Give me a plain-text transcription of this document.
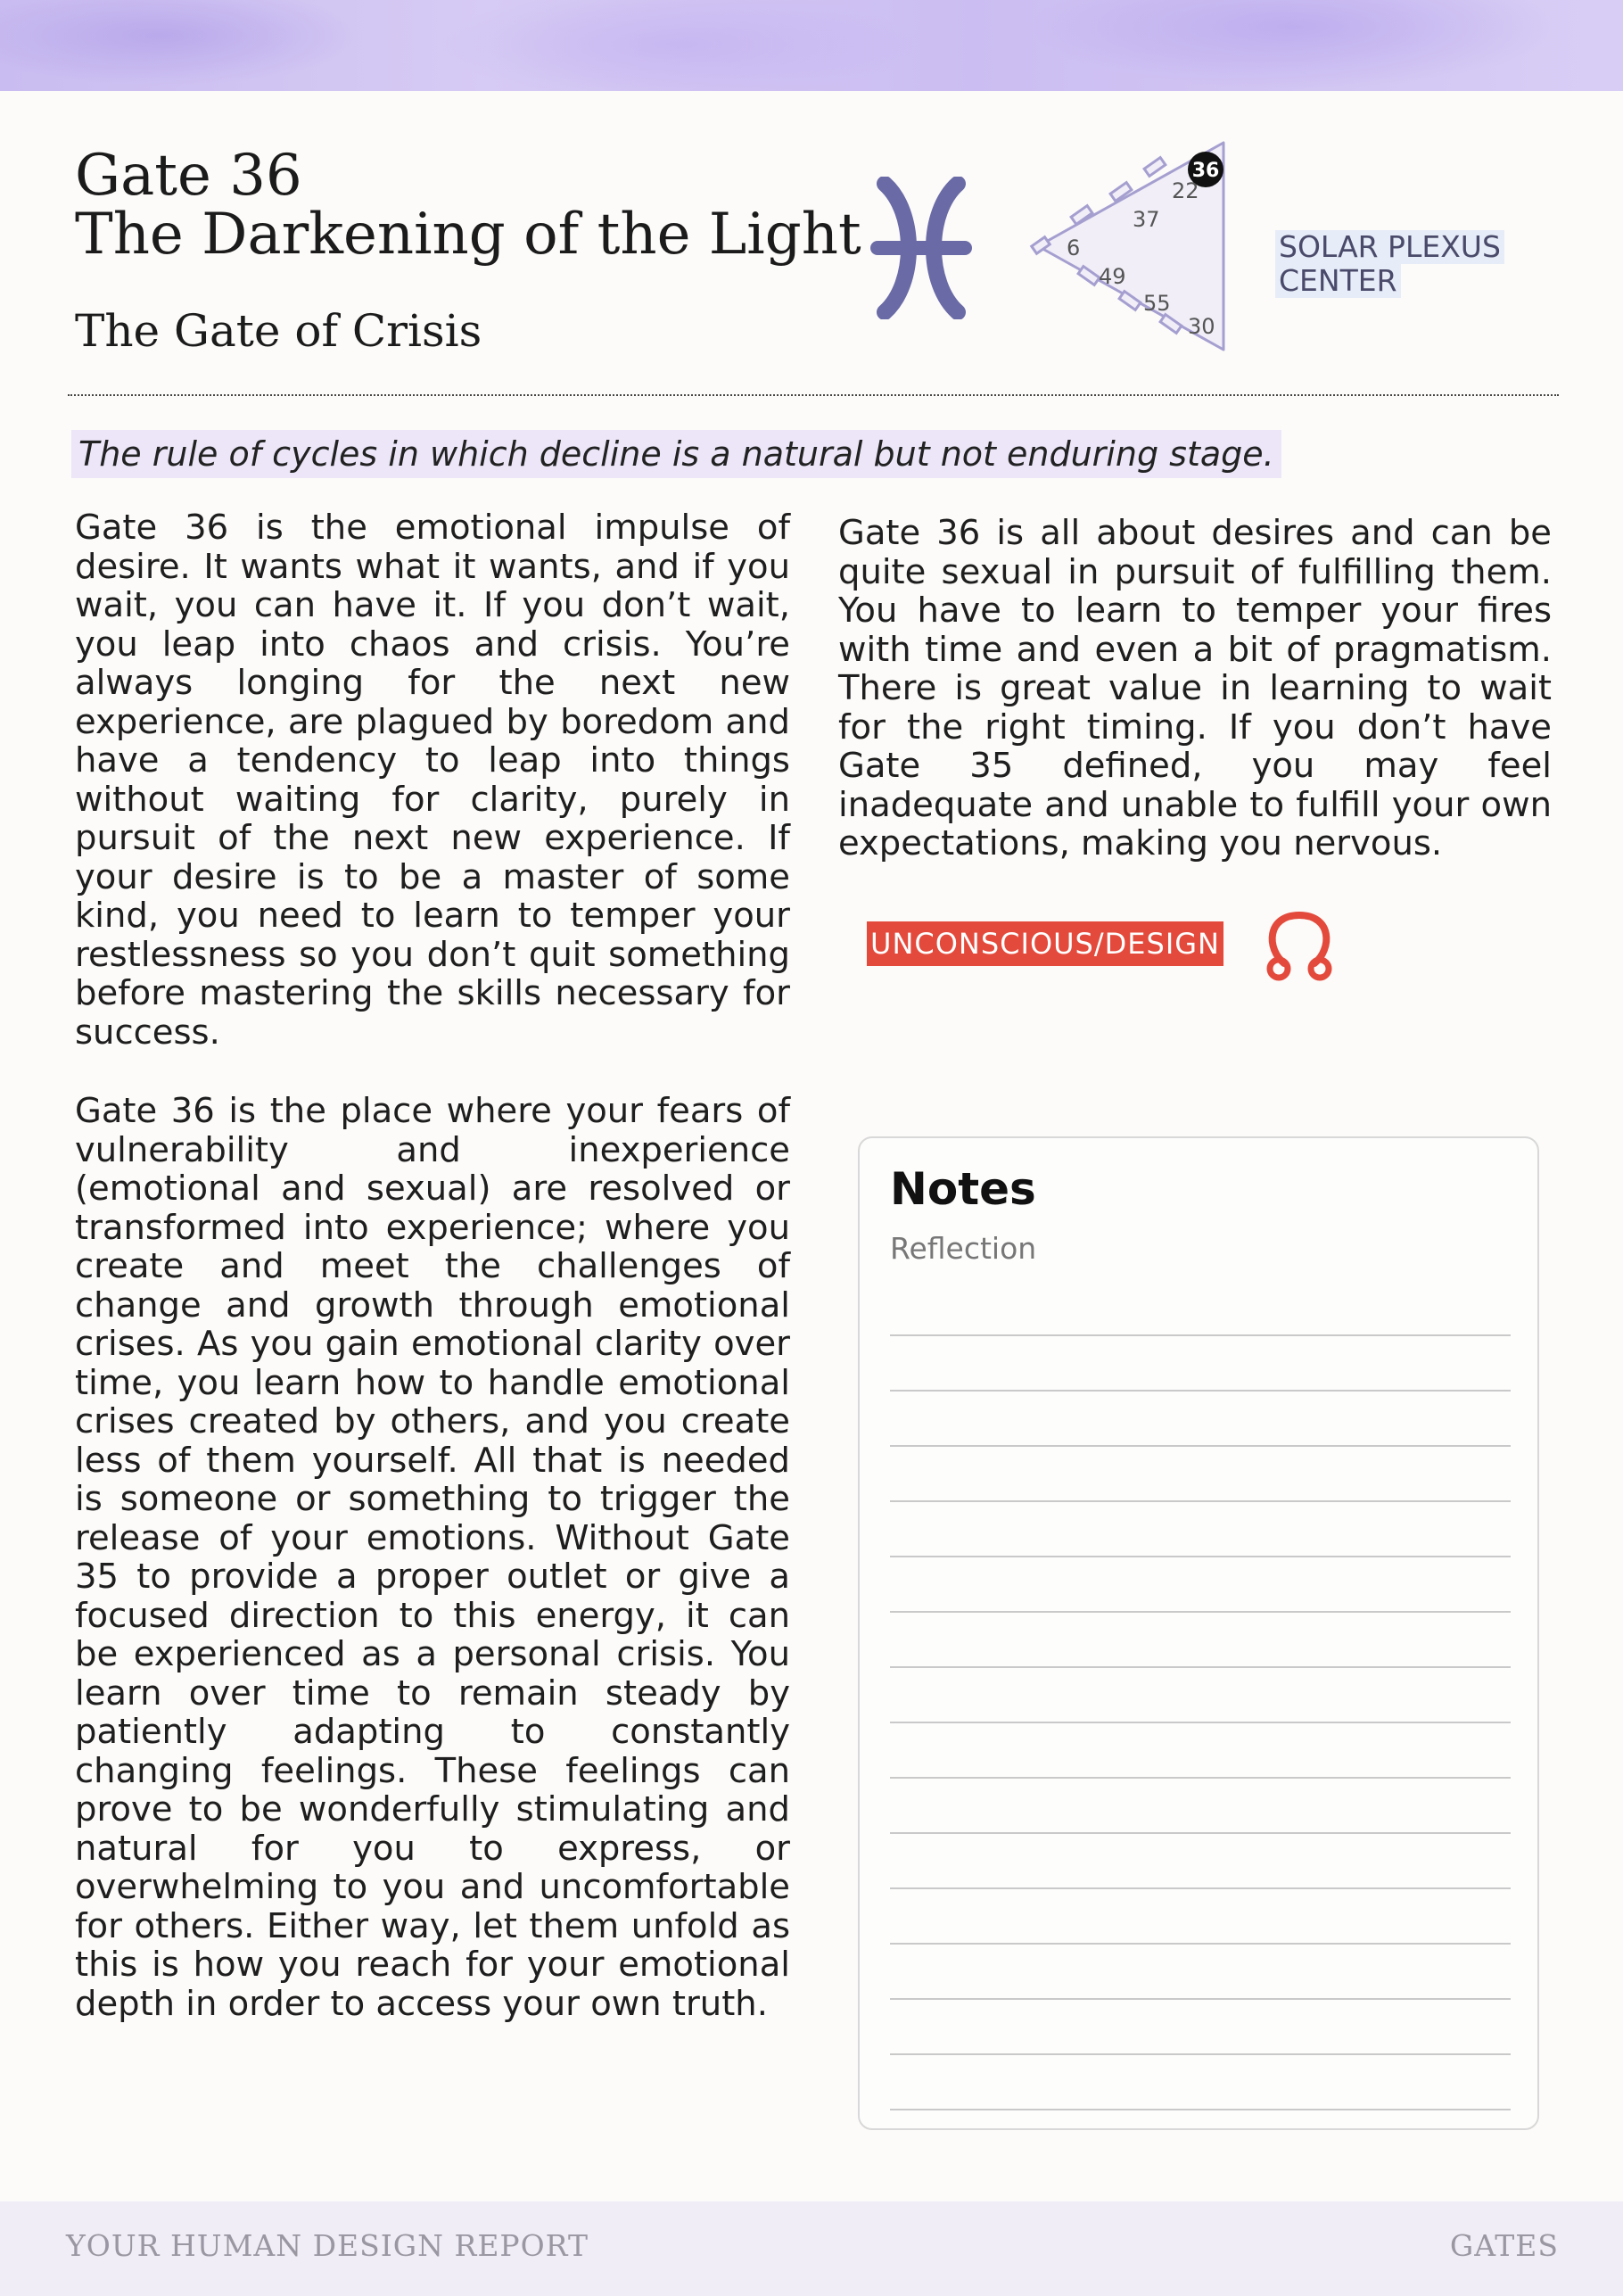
Gate 36
The Darkening of the Light
The Gate of Crisis
36
22
37
6
49
55
30
SOLAR PLEXUS
CENTER
The rule of cycles in which decline is a natural but not enduring stage.

Gate 36 is the emotional impulse of desire. It wants what it wants, and if you wait, you can have it. If you don’t wait, you leap into chaos and crisis. You’re always longing for the next new experience, are plagued by boredom and have a tendency to leap into things without waiting for clarity, purely in pursuit of the next new experience. If your desire is to be a master of some kind, you need to learn to temper your restlessness so you don’t quit something before mastering the skills necessary for success.

Gate 36 is the place where your fears of vulnerability and inexperience (emotional and sexual) are resolved or transformed into experience; where you create and meet the challenges of change and growth through emotional crises. As you gain emotional clarity over time, you learn how to handle emotional crises created by others, and you create less of them yourself. All that is needed is someone or something to trigger the release of your emotions. Without Gate 35 to provide a proper outlet or give a focused direction to this energy, it can be experienced as a personal crisis. You learn over time to remain steady by patiently adapting to constantly changing feelings. These feelings can prove to be wonderfully stimulating and natural for you to express, or overwhelming to you and uncomfortable for others. Either way, let them unfold as this is how you reach for your emotional depth in order to access your own truth.

Gate 36 is all about desires and can be quite sexual in pursuit of fulfilling them. You have to learn to temper your fires with time and even a bit of pragmatism. There is great value in learning to wait for the right timing. If you don’t have Gate 35 defined, you may feel inadequate and unable to fulfill your own expectations, making you nervous.

UNCONSCIOUS/DESIGN
Notes
Reflection
YOUR HUMAN DESIGN REPORT	GATES
